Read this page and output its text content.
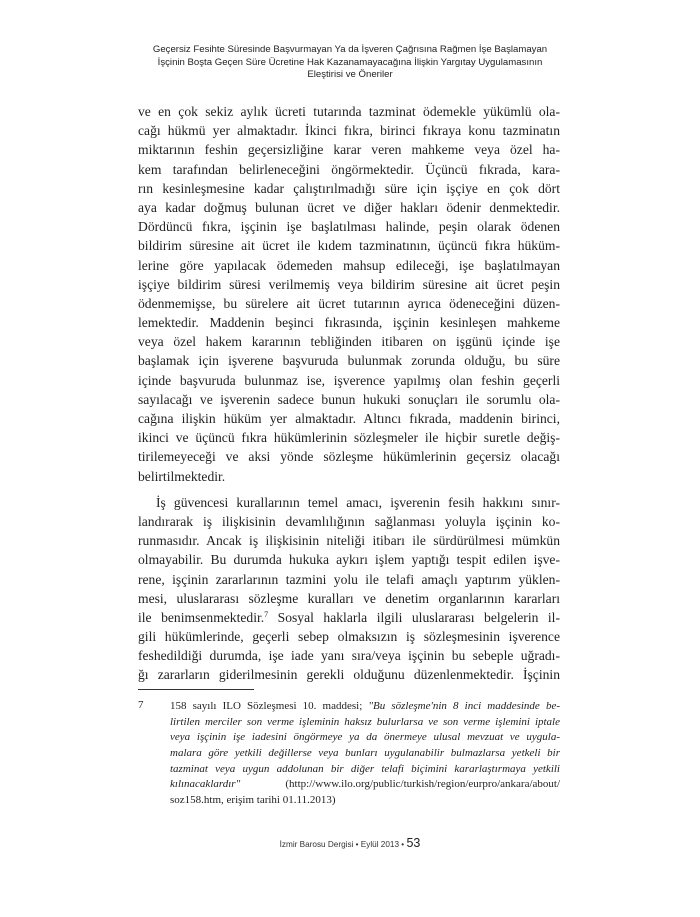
Geçersiz Fesihte Süresinde Başvurmayan Ya da İşveren Çağrısına Rağmen İşe Başlamayan
İşçinin Boşta Geçen Süre Ücretine Hak Kazanamayacağına İlişkin Yargıtay Uygulamasının
Eleştirisi ve Öneriler
ve en çok sekiz aylık ücreti tutarında tazminat ödemekle yükümlü ola-
cağı hükmü yer almaktadır. İkinci fıkra, birinci fıkraya konu tazminatın
miktarının feshin geçersizliğine karar veren mahkeme veya özel ha-
kem tarafından belirleneceğini öngörmektedir. Üçüncü fıkrada, kara-
rın kesinleşmesine kadar çalıştırılmadığı süre için işçiye en çok dört
aya kadar doğmuş bulunan ücret ve diğer hakları ödenir denmektedir.
Dördüncü fıkra, işçinin işe başlatılması halinde, peşin olarak ödenen
bildirim süresine ait ücret ile kıdem tazminatının, üçüncü fıkra hüküm-
lerine göre yapılacak ödemeden mahsup edileceği, işe başlatılmayan
işçiye bildirim süresi verilmemiş veya bildirim süresine ait ücret peşin
ödenmemişse, bu sürelere ait ücret tutarının ayrıca ödeneceğini düzen-
lemektedir. Maddenin beşinci fıkrasında, işçinin kesinleşen mahkeme
veya özel hakem kararının tebliğinden itibaren on işgünü içinde işe
başlamak için işverene başvuruda bulunmak zorunda olduğu, bu süre
içinde başvuruda bulunmaz ise, işverence yapılmış olan feshin geçerli
sayılacağı ve işverenin sadece bunun hukuki sonuçları ile sorumlu ola-
cağına ilişkin hüküm yer almaktadır. Altıncı fıkrada, maddenin birinci,
ikinci ve üçüncü fıkra hükümlerinin sözleşmeler ile hiçbir suretle değiş-
tirilemeyeceği ve aksi yönde sözleşme hükümlerinin geçersiz olacağı
belirtilmektedir.
İş güvencesi kurallarının temel amacı, işverenin fesih hakkını sınır-
landırarak iş ilişkisinin devamlılığının sağlanması yoluyla işçinin ko-
runmasıdır. Ancak iş ilişkisinin niteliği itibarı ile sürdürülmesi mümkün
olmayabilir. Bu durumda hukuka aykırı işlem yaptığı tespit edilen işve-
rene, işçinin zararlarının tazmini yolu ile telafi amaçlı yaptırım yüklen-
mesi, uluslararası sözleşme kuralları ve denetim organlarının kararları
ile benimsenmektedir.$^7$ Sosyal haklarla ilgili uluslararası belgelerin il-
gili hükümlerinde, geçerli sebep olmaksızın iş sözleşmesinin işverence
feshedildiği durumda, işe iade yanı sıra/veya işçinin bu sebeple uğradı-
ğı zararların giderilmesinin gerekli olduğunu düzenlenmektedir. İşçinin
7 158 sayılı ILO Sözleşmesi 10. maddesi; "Bu sözleşme'nin 8 inci maddesinde be-
lirtilen merciler son verme işleminin haksız bulurlarsa ve son verme işlemini iptale
veya işçinin işe iadesini öngörmeye ya da önermeye ulusal mevzuat ve uygula-
malara göre yetkili değillerse veya bunları uygulanabilir bulmazlarsa yetkeli bir
tazminat veya uygun addolunan bir diğer telafi biçimini kararlaştırmaya yetkili
kılınacaklardır"	(http://www.ilo.org/public/turkish/region/eurpro/ankara/about/
soz158.htm, erişim tarihi 01.11.2013)
İzmir Barosu Dergisi • Eylül 2013 • 53
